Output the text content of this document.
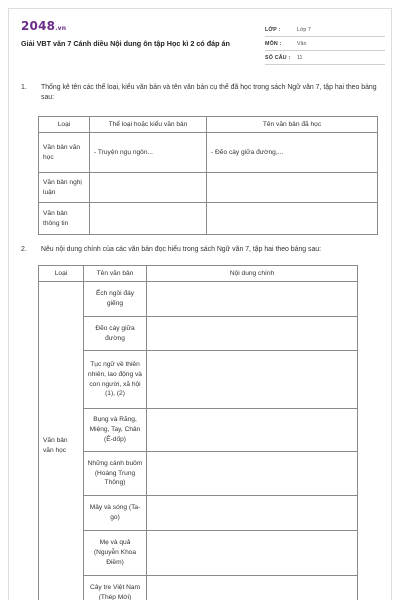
2048.vn
Giải VBT văn 7 Cánh diều Nội dung ôn tập Học kì 2 có đáp án
LỚP :	Lớp 7
MÔN :	Văn
SỐ CÂU : 11
1. Thống kê tên các thể loại, kiểu văn bản và tên văn bản cụ thể đã học trong sách Ngữ văn 7, tập hai theo bảng sau:
Loại	Thể loại hoặc kiểu văn bản	Tên văn bản đã học
Văn bản văn học	- Truyện ngụ ngôn...	- Đẽo cày giữa đường,...
Văn bản nghị luận		
Văn bản thông tin		
2. Nêu nội dung chính của các văn bản đọc hiểu trong sách Ngữ văn 7, tập hai theo bảng sau:
Loại	Tên văn bản	Nội dung chính
Văn bản văn học	Ếch ngồi đáy giếng	
	Đẽo cày giữa đường	
	Tục ngữ về thiên nhiên, lao động và con người, xã hội (1), (2)	
	Bụng và Răng, Miệng, Tay, Chân (Ê-dốp)	
	Những cánh buồm (Hoàng Trung Thông)	
	Mây và sóng (Ta-go)	
	Mẹ và quả (Nguyễn Khoa Điềm)	
	Cây tre Việt Nam (Thép Mới)	
